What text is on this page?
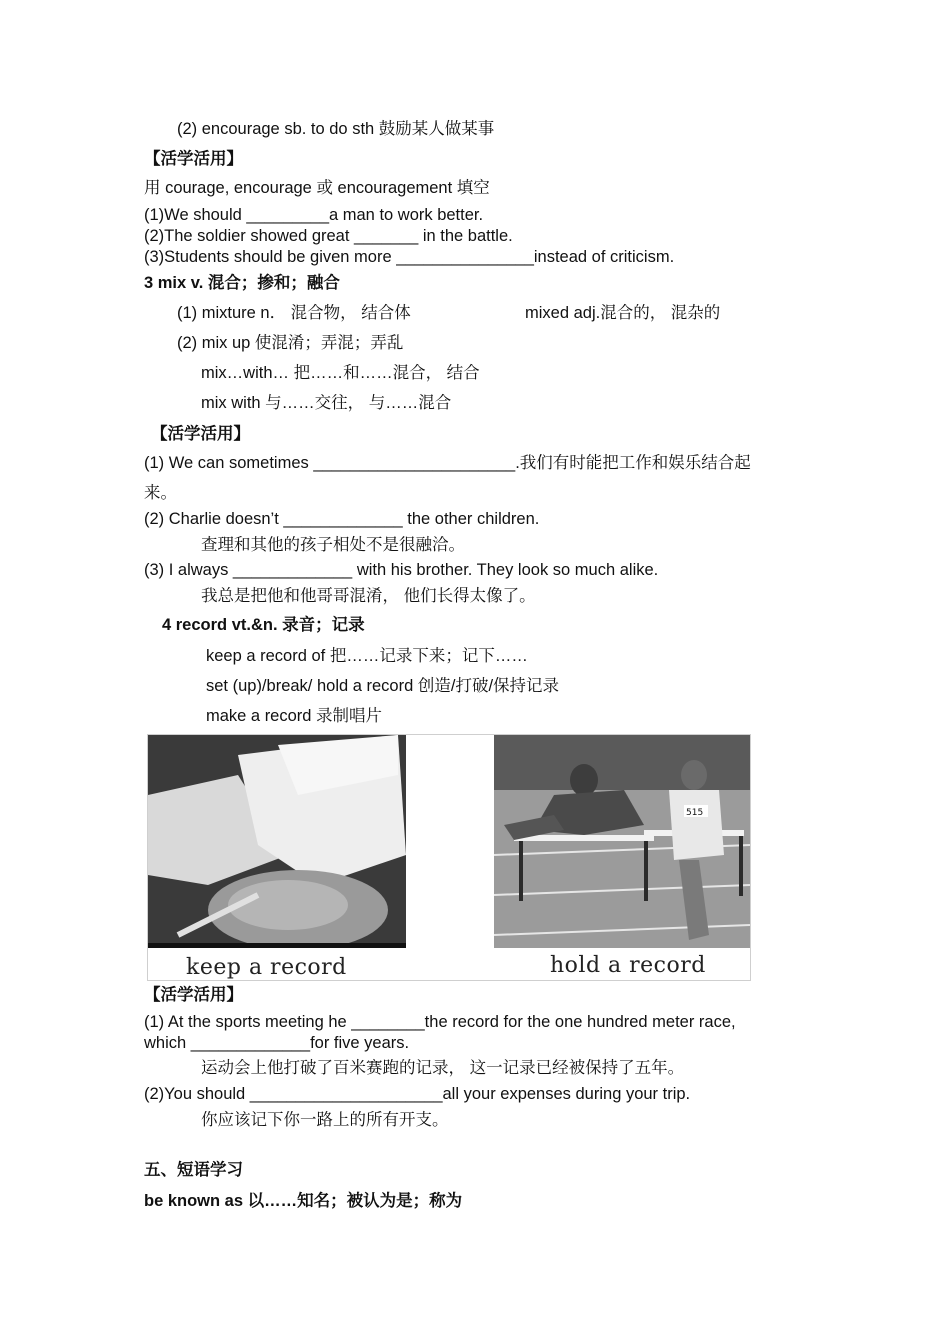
(2) encourage sb. to do sth 鼓励某人做某事
【活学活用】
用 courage, encourage 或 encouragement 填空
(1)We should _________a man to work better.
(2)The soldier showed great _______ in the battle.
(3)Students should be given more _______________instead of criticism.
3 mix v. 混合；掺和；融合
(1) mixture n． 混合物， 结合体	mixed adj.混合的， 混杂的
(2) mix up 使混淆；弄混；弄乱
mix…with… 把……和……混合， 结合
mix with 与……交往， 与……混合
【活学活用】
(1) We can sometimes ______________________.我们有时能把工作和娱乐结合起
来。
(2) Charlie doesn’t _____________ the other children.
查理和其他的孩子相处不是很融洽。
(3) I always _____________ with his brother. They look so much alike.
我总是把他和他哥哥混淆， 他们长得太像了。
4 record vt.&n. 录音；记录
keep a record of 把……记录下来；记下……
set (up)/break/ hold a record 创造/打破/保持记录
make a record 录制唱片
515
keep a record	hold a record
【活学活用】
(1) At the sports meeting he ________the record for the one hundred meter race,
which _____________for five years.
运动会上他打破了百米赛跑的记录， 这一记录已经被保持了五年。
(2)You should _____________________all your expenses during your trip.
你应该记下你一路上的所有开支。
五、短语学习
be known as 以……知名；被认为是；称为
